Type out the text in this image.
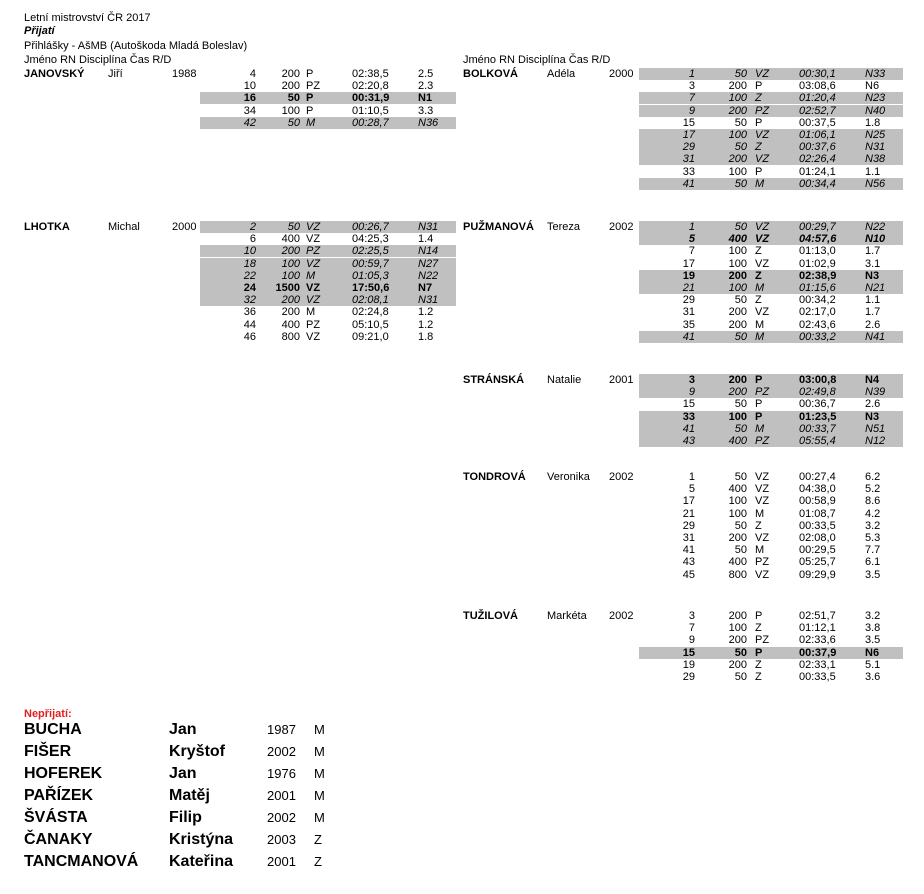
Letní mistrovství ČR 2017
Přijatí
Přihlášky - AšMB (Autoškoda Mladá Boleslav)
Jméno RN Disciplína Čas R/D	Jméno RN Disciplína Čas R/D
JANOVSKÝ Jiří	1988	4	200 P	02:38,5	2.5
10	200 PZ	02:20,8	2.3
16	50 P	00:31,9	N1
34	100 P	01:10,5	3.3
42	50 M	00:28,7	N36
LHOTKA	Michal	2000	2	50 VZ	00:26,7	N31
6	400 VZ	04:25,3	1.4
10	200 PZ	02:25,5	N14
18	100 VZ	00:59,7	N27
22	100 M	01:05,3	N22
24	1500 VZ	17:50,6	N7
32	200 VZ	02:08,1	N31
36	200 M	02:24,8	1.2
44	400 PZ	05:10,5	1.2
46	800 VZ	09:21,0	1.8
BOLKOVÁ	Adéla	2000	1	50 VZ	00:30,1	N33
3	200 P	03:08,6	N6
7	100 Z	01:20,4	N23
9	200 PZ	02:52,7	N40
15	50 P	00:37,5	1.8
17	100 VZ	01:06,1	N25
29	50 Z	00:37,6	N31
31	200 VZ	02:26,4	N38
33	100 P	01:24,1	1.1
41	50 M	00:34,4	N56
PUŽMANOVÁ Tereza	2002	1	50 VZ	00:29,7	N22
5	400 VZ	04:57,6	N10
7	100 Z	01:13,0	1.7
17	100 VZ	01:02,9	3.1
19	200 Z	02:38,9	N3
21	100 M	01:15,6	N21
29	50 Z	00:34,2	1.1
31	200 VZ	02:17,0	1.7
35	200 M	02:43,6	2.6
41	50 M	00:33,2	N41
STRÁNSKÁ Natalie	2001	3	200 P	03:00,8	N4
9	200 PZ	02:49,8	N39
15	50 P	00:36,7	2.6
33	100 P	01:23,5	N3
41	50 M	00:33,7	N51
43	400 PZ	05:55,4	N12
TONDROVÁ Veronika 2002	1	50 VZ	00:27,4	6.2
5	400 VZ	04:38,0	5.2
17	100 VZ	00:58,9	8.6
21	100 M	01:08,7	4.2
29	50 Z	00:33,5	3.2
31	200 VZ	02:08,0	5.3
41	50 M	00:29,5	7.7
43	400 PZ	05:25,7	6.1
45	800 VZ	09:29,9	3.5
TUŽILOVÁ	Markéta 2002	3	200 P	02:51,7	3.2
7	100 Z	01:12,1	3.8
9	200 PZ	02:33,6	3.5
15	50 P	00:37,9	N6
19	200 Z	02:33,1	5.1
29	50 Z	00:33,5	3.6
Nepřijatí:
BUCHA	Jan	1987 M
FIŠER	Kryštof	2002 M
HOFEREK	Jan	1976 M
PAŘÍZEK	Matěj	2001 M
ŠVÁSTA	Filip	2002 M
ČANAKY	Kristýna	2003 Z
TANCMANOVÁ Kateřina	2001 Z
